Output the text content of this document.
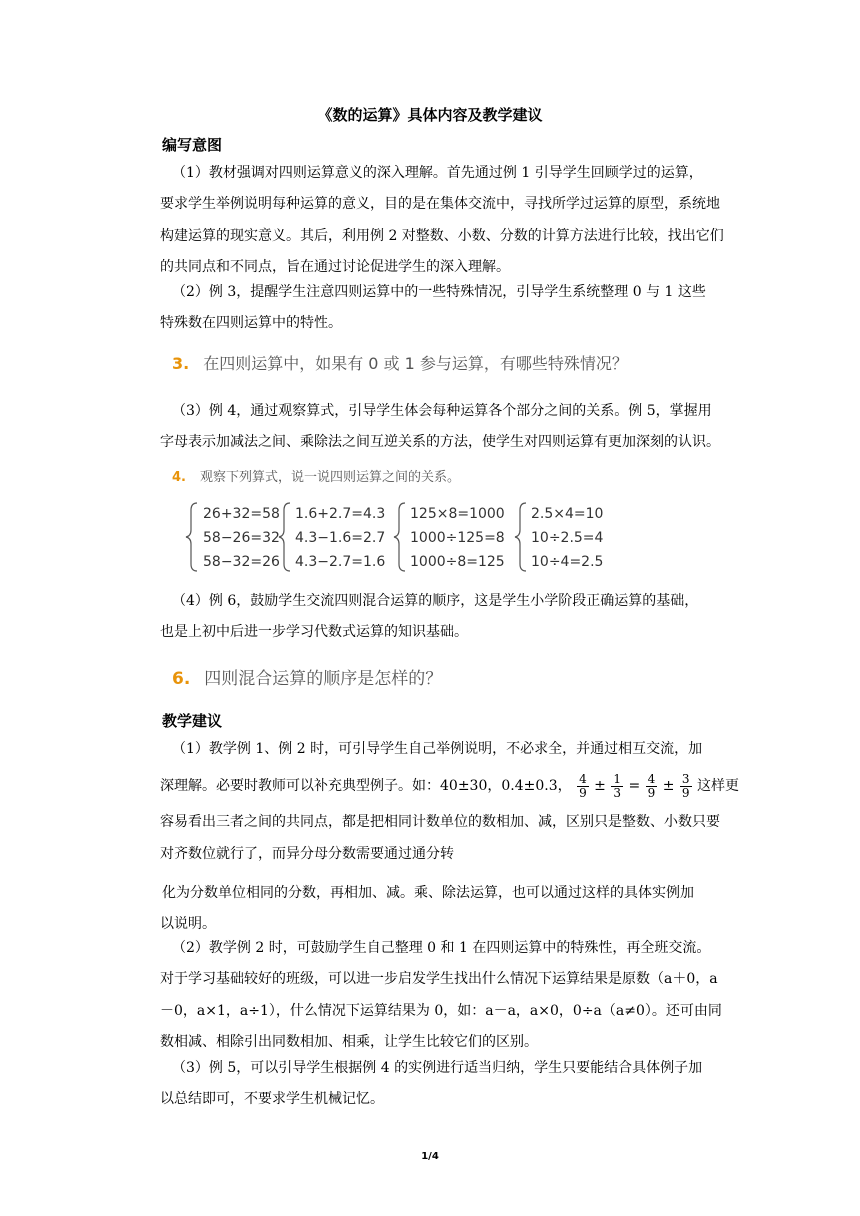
《数的运算》具体内容及教学建议
编写意图
（1）教材强调对四则运算意义的深入理解。首先通过例 1 引导学生回顾学过的运算，
要求学生举例说明每种运算的意义，目的是在集体交流中，寻找所学过运算的原型，系统地
构建运算的现实意义。其后，利用例 2 对整数、小数、分数的计算方法进行比较，找出它们
的共同点和不同点，旨在通过讨论促进学生的深入理解。
（2）例 3，提醒学生注意四则运算中的一些特殊情况，引导学生系统整理 0 与 1 这些
特殊数在四则运算中的特性。
3. 在四则运算中，如果有 0 或 1 参与运算，有哪些特殊情况？
（3）例 4，通过观察算式，引导学生体会每种运算各个部分之间的关系。例 5，掌握用
字母表示加减法之间、乘除法之间互逆关系的方法，使学生对四则运算有更加深刻的认识。
4. 观察下列算式，说一说四则运算之间的关系。
26+32=58
58−26=32
58−32=26
1.6+2.7=4.3
4.3−1.6=2.7
4.3−2.7=1.6
125×8=1000
1000÷125=8
1000÷8=125
2.5×4=10
10÷2.5=4
10÷4=2.5
（4）例 6，鼓励学生交流四则混合运算的顺序，这是学生小学阶段正确运算的基础，
也是上初中后进一步学习代数式运算的知识基础。
6. 四则混合运算的顺序是怎样的？
教学建议
（1）教学例 1、例 2 时，可引导学生自己举例说明，不必求全，并通过相互交流，加
深理解。必要时教师可以补充典型例子。如：40±30，0.4±0.3， $\frac{4}{9} \pm \frac{1}{3} = \frac{4}{9} \pm \frac{3}{9}$ 这样更
容易看出三者之间的共同点，都是把相同计数单位的数相加、减，区别只是整数、小数只要
对齐数位就行了，而异分母分数需要通过通分转
化为分数单位相同的分数，再相加、减。乘、除法运算，也可以通过这样的具体实例加
以说明。
（2）教学例 2 时，可鼓励学生自己整理 0 和 1 在四则运算中的特殊性，再全班交流。
对于学习基础较好的班级，可以进一步启发学生找出什么情况下运算结果是原数（a＋0，a
－0，a×1，a÷1），什么情况下运算结果为 0，如：a－a，a×0，0÷a（a≠0）。还可由同
数相减、相除引出同数相加、相乘，让学生比较它们的区别。
（3）例 5，可以引导学生根据例 4 的实例进行适当归纳，学生只要能结合具体例子加
以总结即可，不要求学生机械记忆。
1/4
